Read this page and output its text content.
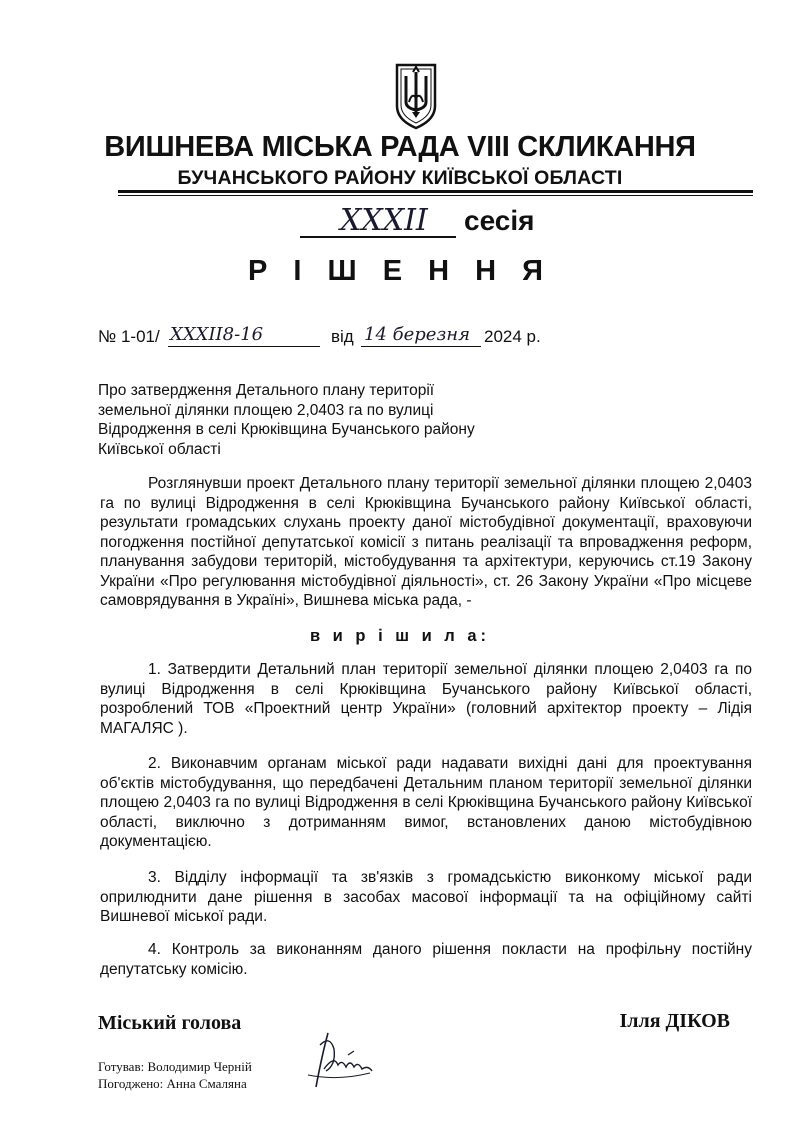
ВИШНЕВА МІСЬКА РАДА VIII СКЛИКАННЯ
БУЧАНСЬКОГО РАЙОНУ КИЇВСЬКОЇ ОБЛАСТІ
XXXII сесія
Р І Ш Е Н Н Я
№ 1-01/ XXXII8-16	від 14 березня 2024 р.
Про затвердження Детального плану території
земельної ділянки площею 2,0403 га по вулиці
Відродження в селі Крюківщина Бучанського району
Київської області

Розглянувши проект Детального плану території земельної ділянки площею 2,0403 га по вулиці Відродження в селі Крюківщина Бучанського району Київської області, результати громадських слухань проекту даної містобудівної документації, враховуючи погодження постійної депутатської комісії з питань реалізації та впровадження реформ, планування забудови територій, містобудування та архітектури, керуючись ст.19 Закону України «Про регулювання містобудівної діяльності», ст. 26 Закону України «Про місцеве самоврядування в Україні», Вишнева міська рада, -

в и р і ш и л а:

1. Затвердити Детальний план території земельної ділянки площею 2,0403 га по вулиці Відродження в селі Крюківщина Бучанського району Київської області, розроблений ТОВ «Проектний центр України» (головний архітектор проекту – Лідія МАГАЛЯС ).

2. Виконавчим органам міської ради надавати вихідні дані для проектування об'єктів містобудування, що передбачені Детальним планом території земельної ділянки площею 2,0403 га по вулиці Відродження в селі Крюківщина Бучанського району Київської області, виключно з дотриманням вимог, встановлених даною містобудівною документацією.

3. Відділу інформації та зв'язків з громадськістю виконкому міської ради оприлюднити дане рішення в засобах масової інформації та на офіційному сайті Вишневої міської ради.

4. Контроль за виконанням даного рішення покласти на профільну постійну депутатську комісію.

Міський голова	Ілля ДІКОВ
Готував: Володимир Черній
Погоджено: Анна Смаляна
